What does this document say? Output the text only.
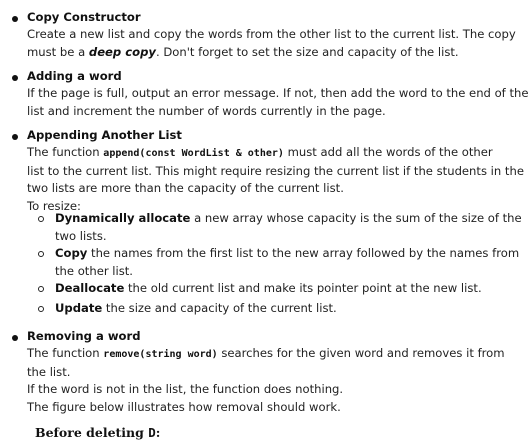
Copy Constructor
Create a new list and copy the words from the other list to the current list. The copy
must be a deep copy. Don't forget to set the size and capacity of the list.
Adding a word
If the page is full, output an error message. If not, then add the word to the end of the
list and increment the number of words currently in the page.
Appending Another List
The function append(const WordList & other) must add all the words of the other
list to the current list. This might require resizing the current list if the students in the
two lists are more than the capacity of the current list.
To resize:
Dynamically allocate a new array whose capacity is the sum of the size of the
two lists.
Copy the names from the first list to the new array followed by the names from
the other list.
Deallocate the old current list and make its pointer point at the new list.
Update the size and capacity of the current list.
Removing a word
The function remove(string word) searches for the given word and removes it from
the list.
If the word is not in the list, the function does nothing.
The figure below illustrates how removal should work.
Before deleting D:
